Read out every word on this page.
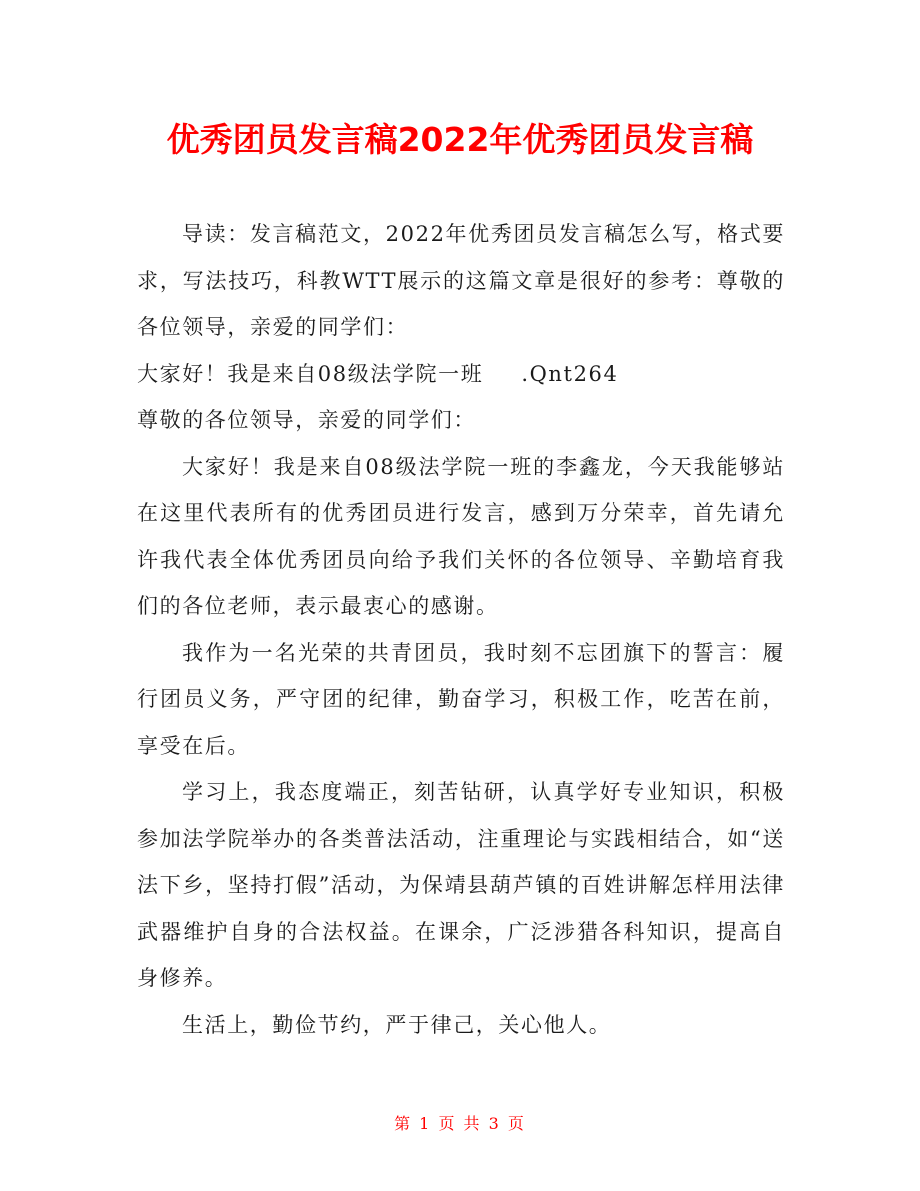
优秀团员发言稿2022年优秀团员发言稿

导读：发言稿范文，2022年优秀团员发言稿怎么写，格式要求，写法技巧，科教WTT展示的这篇文章是很好的参考：尊敬的各位领导，亲爱的同学们：

大家好！我是来自08级法学院一班 .Qnt264

尊敬的各位领导，亲爱的同学们：

大家好！我是来自08级法学院一班的李鑫龙，今天我能够站在这里代表所有的优秀团员进行发言，感到万分荣幸，首先请允许我代表全体优秀团员向给予我们关怀的各位领导、辛勤培育我们的各位老师，表示最衷心的感谢。

我作为一名光荣的共青团员，我时刻不忘团旗下的誓言：履行团员义务，严守团的纪律，勤奋学习，积极工作，吃苦在前，享受在后。

学习上，我态度端正，刻苦钻研，认真学好专业知识，积极参加法学院举办的各类普法活动，注重理论与实践相结合，如“送法下乡，坚持打假”活动，为保靖县葫芦镇的百姓讲解怎样用法律武器维护自身的合法权益。在课余，广泛涉猎各科知识，提高自身修养。

生活上，勤俭节约，严于律己，关心他人。

第 1 页 共 3 页
